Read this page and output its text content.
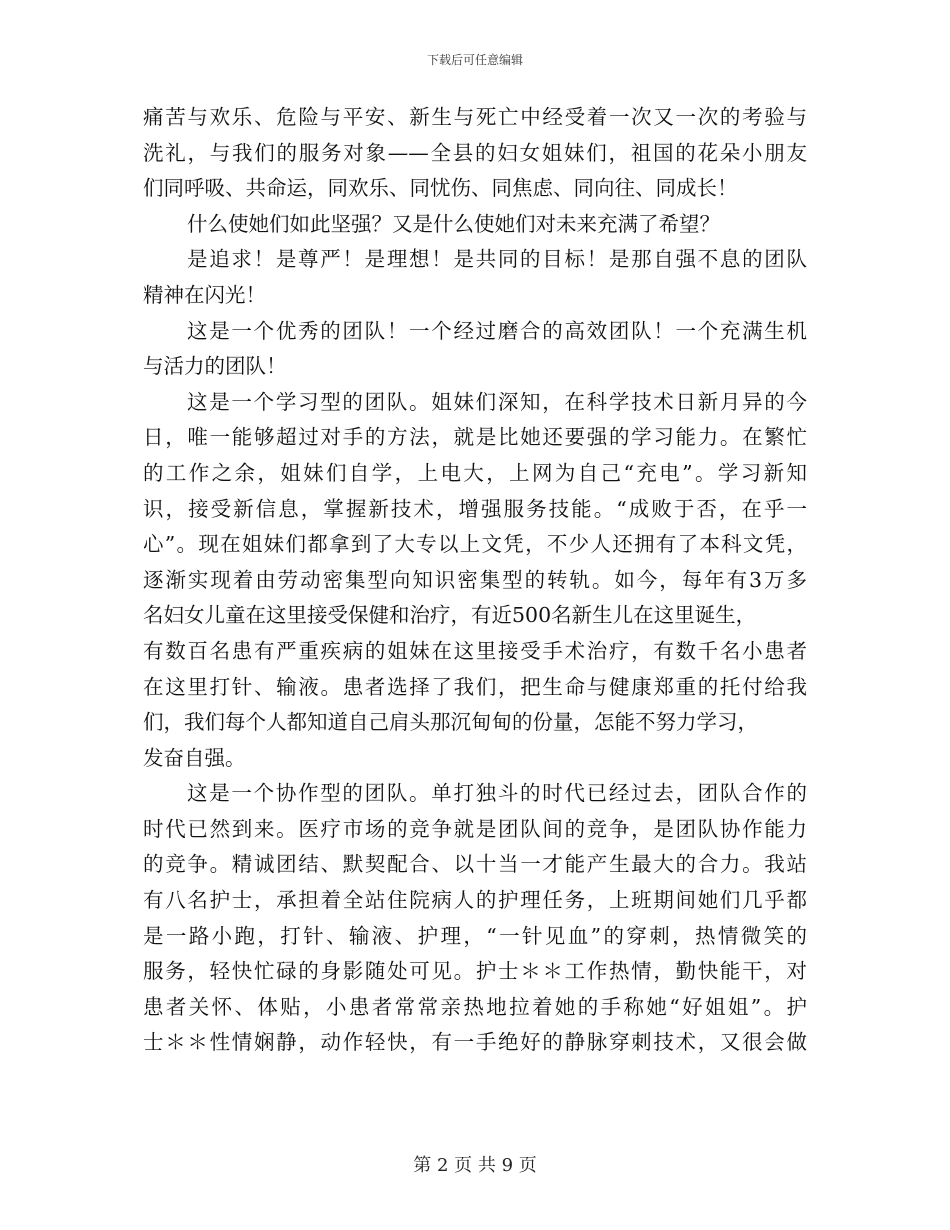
下载后可任意编辑
痛苦与欢乐、危险与平安、新生与死亡中经受着一次又一次的考验与
洗礼，与我们的服务对象——全县的妇女姐妹们，祖国的花朵小朋友
们同呼吸、共命运，同欢乐、同忧伤、同焦虑、同向往、同成长！
什么使她们如此坚强？又是什么使她们对未来充满了希望？
是追求！是尊严！是理想！是共同的目标！是那自强不息的团队
精神在闪光！
这是一个优秀的团队！一个经过磨合的高效团队！一个充满生机
与活力的团队！
这是一个学习型的团队。姐妹们深知，在科学技术日新月异的今
日，唯一能够超过对手的方法，就是比她还要强的学习能力。在繁忙
的工作之余，姐妹们自学，上电大，上网为自己“充电”。学习新知
识，接受新信息，掌握新技术，增强服务技能。“成败于否，在乎一
心”。现在姐妹们都拿到了大专以上文凭，不少人还拥有了本科文凭，
逐渐实现着由劳动密集型向知识密集型的转轨。如今，每年有3万多
名妇女儿童在这里接受保健和治疗，有近500名新生儿在这里诞生，
有数百名患有严重疾病的姐妹在这里接受手术治疗，有数千名小患者
在这里打针、输液。患者选择了我们，把生命与健康郑重的托付给我
们，我们每个人都知道自己肩头那沉甸甸的份量，怎能不努力学习，
发奋自强。
这是一个协作型的团队。单打独斗的时代已经过去，团队合作的
时代已然到来。医疗市场的竞争就是团队间的竞争，是团队协作能力
的竞争。精诚团结、默契配合、以十当一才能产生最大的合力。我站
有八名护士，承担着全站住院病人的护理任务，上班期间她们几乎都
是一路小跑，打针、输液、护理，“一针见血”的穿刺，热情微笑的
服务，轻快忙碌的身影随处可见。护士＊＊工作热情，勤快能干，对
患者关怀、体贴，小患者常常亲热地拉着她的手称她“好姐姐”。护
士＊＊性情娴静，动作轻快，有一手绝好的静脉穿刺技术，又很会做
第 2 页 共 9 页
